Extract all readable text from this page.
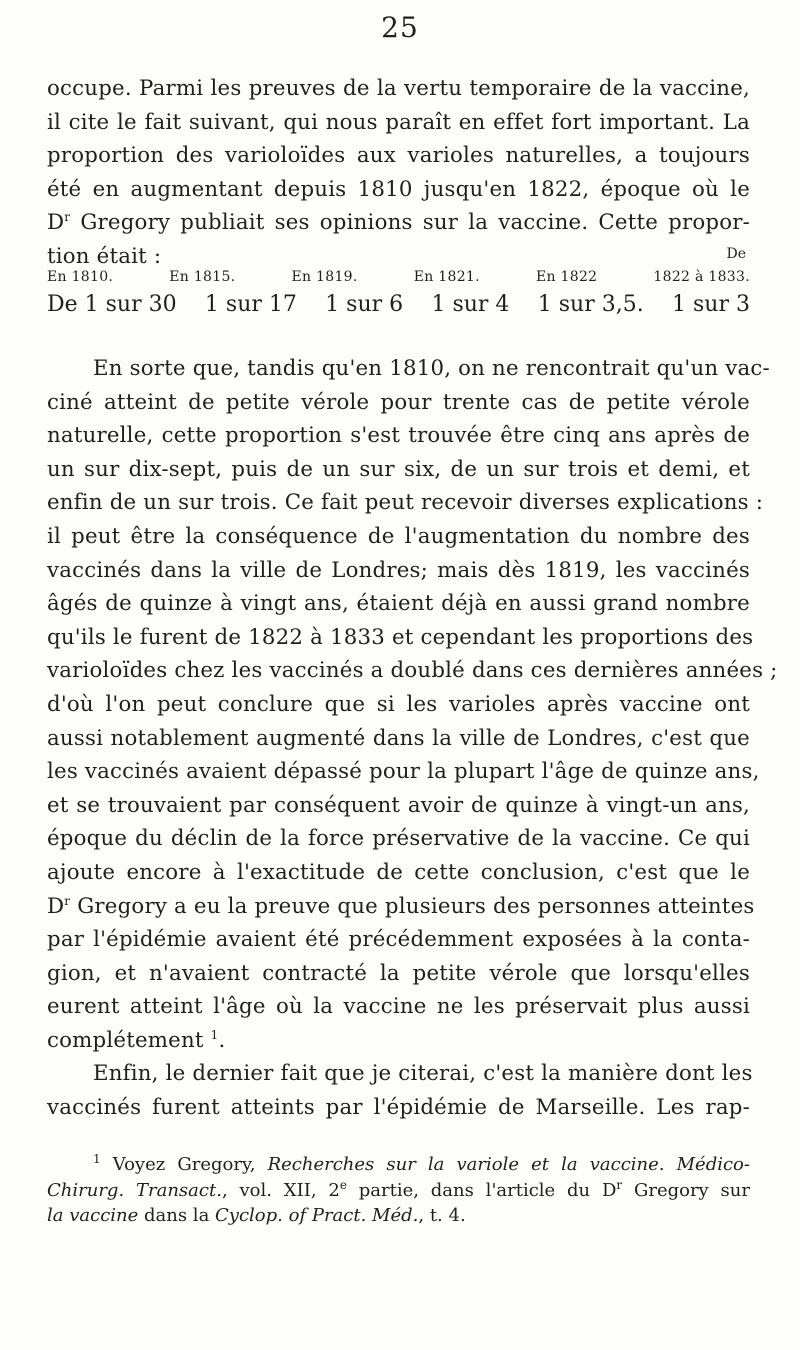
25
occupe. Parmi les preuves de la vertu temporaire de la vaccine,
il cite le fait suivant, qui nous paraît en effet fort important. La
proportion des varioloïdes aux varioles naturelles, a toujours
été en augmentant depuis 1810 jusqu'en 1822, époque où le
$D^r$ Gregory publiait ses opinions sur la vaccine. Cette propor-
tion était :	De
En 1810.	En 1815.	En 1819.	En 1821.	En 1822	1822 à 1833.
De 1 sur 30 1 sur 17 1 sur 6 1 sur 4 1 sur 3,5. 1 sur 3
En sorte que, tandis qu'en 1810, on ne rencontrait qu'un vac-
ciné atteint de petite vérole pour trente cas de petite vérole
naturelle, cette proportion s'est trouvée être cinq ans après de
un sur dix-sept, puis de un sur six, de un sur trois et demi, et
enfin de un sur trois. Ce fait peut recevoir diverses explications :
il peut être la conséquence de l'augmentation du nombre des
vaccinés dans la ville de Londres; mais dès 1819, les vaccinés
âgés de quinze à vingt ans, étaient déjà en aussi grand nombre
qu'ils le furent de 1822 à 1833 et cependant les proportions des
varioloïdes chez les vaccinés a doublé dans ces dernières années ;
d'où l'on peut conclure que si les varioles après vaccine ont
aussi notablement augmenté dans la ville de Londres, c'est que
les vaccinés avaient dépassé pour la plupart l'âge de quinze ans,
et se trouvaient par conséquent avoir de quinze à vingt-un ans,
époque du déclin de la force préservative de la vaccine. Ce qui
ajoute encore à l'exactitude de cette conclusion, c'est que le
$D^r$ Gregory a eu la preuve que plusieurs des personnes atteintes
par l'épidémie avaient été précédemment exposées à la conta-
gion, et n'avaient contracté la petite vérole que lorsqu'elles
eurent atteint l'âge où la vaccine ne les préservait plus aussi
complétement $^1$.
Enfin, le dernier fait que je citerai, c'est la manière dont les
vaccinés furent atteints par l'épidémie de Marseille. Les rap-
$^1$ Voyez Gregory, Recherches sur la variole et la vaccine. Médico-
Chirurg. Transact., vol. XII, 2e partie, dans l'article du $D^r$ Gregory sur
la vaccine dans la Cyclop. of Pract. Méd., t. 4.
